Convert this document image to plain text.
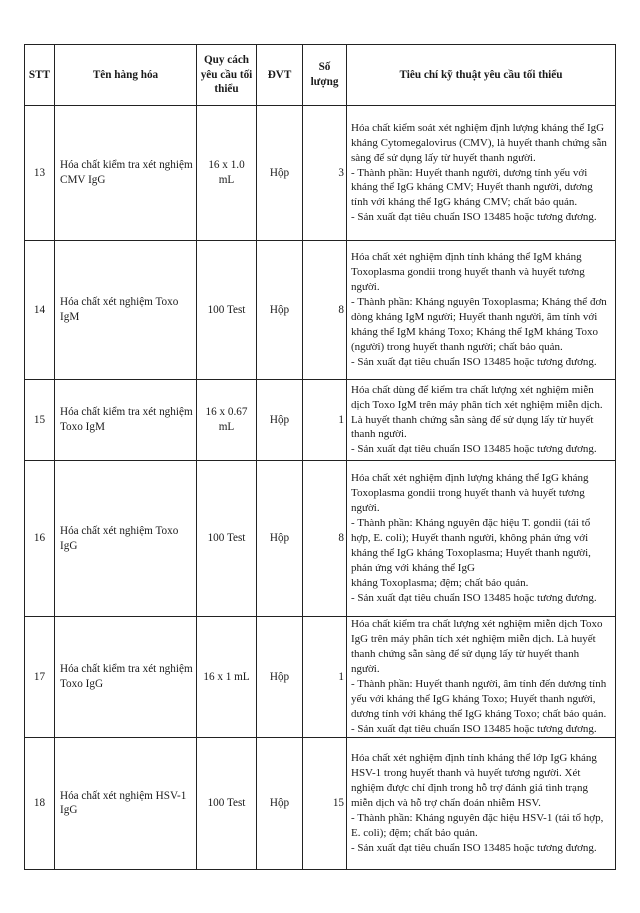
STT	Tên hàng hóa	Quy cách yêu cầu tối thiểu	ĐVT	Số lượng	Tiêu chí kỹ thuật yêu cầu tối thiểu
13	Hóa chất kiểm tra xét nghiệm CMV IgG	16 x 1.0 mL	Hộp	3	Hóa chất kiểm soát xét nghiệm định lượng kháng thể IgG kháng Cytomegalovirus (CMV), là huyết thanh chứng sẵn sàng để sử dụng lấy từ huyết thanh người.
- Thành phần: Huyết thanh người, dương tính yếu với kháng thể IgG kháng CMV; Huyết thanh người, dương tính với kháng thể IgG kháng CMV; chất bảo quản.
- Sản xuất đạt tiêu chuẩn ISO 13485 hoặc tương đương.

14	Hóa chất xét nghiệm Toxo IgM	100 Test	Hộp	8	Hóa chất xét nghiệm định tính kháng thể IgM kháng Toxoplasma gondii trong huyết thanh và huyết tương người.
- Thành phần: Kháng nguyên Toxoplasma; Kháng thể đơn dòng kháng IgM người; Huyết thanh người, âm tính với kháng thể IgM kháng Toxo; Kháng thể IgM kháng Toxo (người) trong huyết thanh người; chất bảo quản.
- Sản xuất đạt tiêu chuẩn ISO 13485 hoặc tương đương.

15	Hóa chất kiểm tra xét nghiệm Toxo IgM	16 x 0.67 mL	Hộp	1	Hóa chất dùng để kiểm tra chất lượng xét nghiệm miễn dịch Toxo IgM trên máy phân tích xét nghiệm miễn dịch.
Là huyết thanh chứng sẵn sàng để sử dụng lấy từ huyết thanh người.
- Sản xuất đạt tiêu chuẩn ISO 13485 hoặc tương đương.

16	Hóa chất xét nghiệm Toxo IgG	100 Test	Hộp	8	Hóa chất xét nghiệm định lượng kháng thể IgG kháng Toxoplasma gondii trong huyết thanh và huyết tương người.
- Thành phần: Kháng nguyên đặc hiệu T. gondii (tái tổ hợp, E. coli); Huyết thanh người, không phản ứng với kháng thể IgG kháng Toxoplasma; Huyết thanh người, phản ứng với kháng thể IgG
kháng Toxoplasma; đệm; chất bảo quản.
- Sản xuất đạt tiêu chuẩn ISO 13485 hoặc tương đương.

17	Hóa chất kiểm tra xét nghiệm Toxo IgG	16 x 1 mL	Hộp	1	Hóa chất kiểm tra chất lượng xét nghiệm miễn dịch Toxo IgG trên máy phân tích xét nghiệm miễn dịch. Là huyết thanh chứng sẵn sàng để sử dụng lấy từ huyết thanh người.
- Thành phần: Huyết thanh người, âm tính đến dương tính yếu với kháng thể IgG kháng Toxo; Huyết thanh người, dương tính với kháng thể IgG kháng Toxo; chất bảo quản.
- Sản xuất đạt tiêu chuẩn ISO 13485 hoặc tương đương.

18	Hóa chất xét nghiệm HSV-1 IgG	100 Test	Hộp	15	Hóa chất xét nghiệm định tính kháng thể lớp IgG kháng HSV-1 trong huyết thanh và huyết tương người. Xét nghiệm được chỉ định trong hỗ trợ đánh giá tình trạng miễn dịch và hỗ trợ chẩn đoán nhiễm HSV.
- Thành phần: Kháng nguyên đặc hiệu HSV-1 (tái tổ hợp, E. coli); đệm; chất bảo quản.
- Sản xuất đạt tiêu chuẩn ISO 13485 hoặc tương đương.
